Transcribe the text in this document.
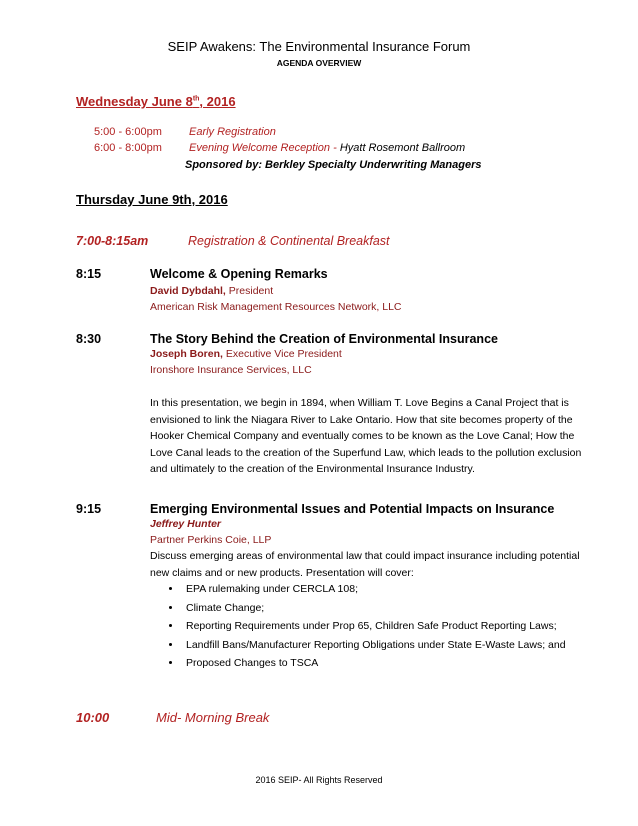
SEIP Awakens: The Environmental Insurance Forum
AGENDA OVERVIEW
Wednesday June 8th, 2016
5:00 - 6:00pm Early Registration
6:00 - 8:00pm Evening Welcome Reception - Hyatt Rosemont Ballroom
Sponsored by: Berkley Specialty Underwriting Managers
Thursday June 9th, 2016
7:00-8:15am	Registration & Continental Breakfast
8:15	Welcome & Opening Remarks
David Dybdahl, President
American Risk Management Resources Network, LLC
8:30	The Story Behind the Creation of Environmental Insurance
Joseph Boren, Executive Vice President
Ironshore Insurance Services, LLC
In this presentation, we begin in 1894, when William T. Love Begins a Canal Project that is envisioned to link the Niagara River to Lake Ontario. How that site becomes property of the Hooker Chemical Company and eventually comes to be known as the Love Canal; How the Love Canal leads to the creation of the Superfund Law, which leads to the pollution exclusion and ultimately to the creation of the Environmental Insurance Industry.
9:15	Emerging Environmental Issues and Potential Impacts on Insurance
Jeffrey Hunter
Partner Perkins Coie, LLP
Discuss emerging areas of environmental law that could impact insurance including potential new claims and or new products. Presentation will cover:
• EPA rulemaking under CERCLA 108;
• Climate Change;
• Reporting Requirements under Prop 65, Children Safe Product Reporting Laws;
• Landfill Bans/Manufacturer Reporting Obligations under State E-Waste Laws; and
• Proposed Changes to TSCA
10:00	Mid- Morning Break
2016 SEIP- All Rights Reserved
